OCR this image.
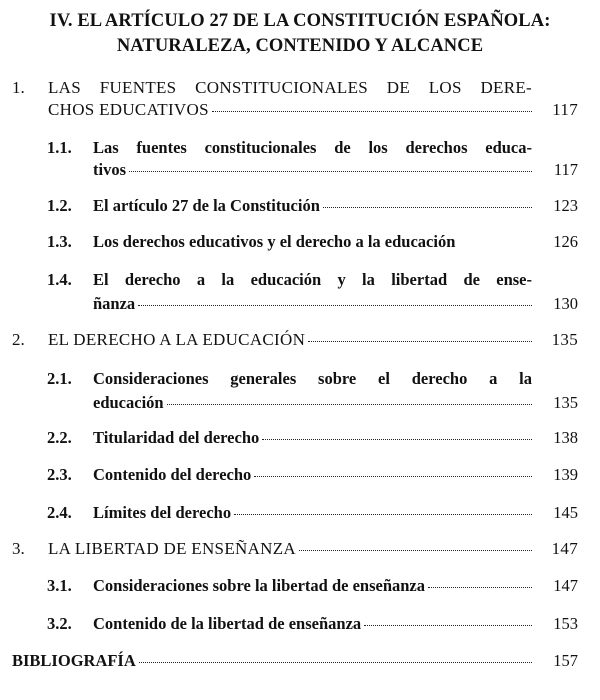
IV. EL ARTÍCULO 27 DE LA CONSTITUCIÓN ESPAÑOLA:
NATURALEZA, CONTENIDO Y ALCANCE
1. LAS FUENTES CONSTITUCIONALES DE LOS DERE-
CHOS EDUCATIVOS	117
1.1. Las fuentes constitucionales de los derechos educa-
tivos	117
1.2. El artículo 27 de la Constitución	123
1.3. Los derechos educativos y el derecho a la educación	126
1.4. El derecho a la educación y la libertad de ense-
ñanza	130
2. EL DERECHO A LA EDUCACIÓN	135
2.1. Consideraciones generales sobre el derecho a la
educación	135
2.2. Titularidad del derecho	138
2.3. Contenido del derecho	139
2.4. Límites del derecho	145
3. LA LIBERTAD DE ENSEÑANZA	147
3.1. Consideraciones sobre la libertad de enseñanza	147
3.2. Contenido de la libertad de enseñanza	153
BIBLIOGRAFÍA	157
